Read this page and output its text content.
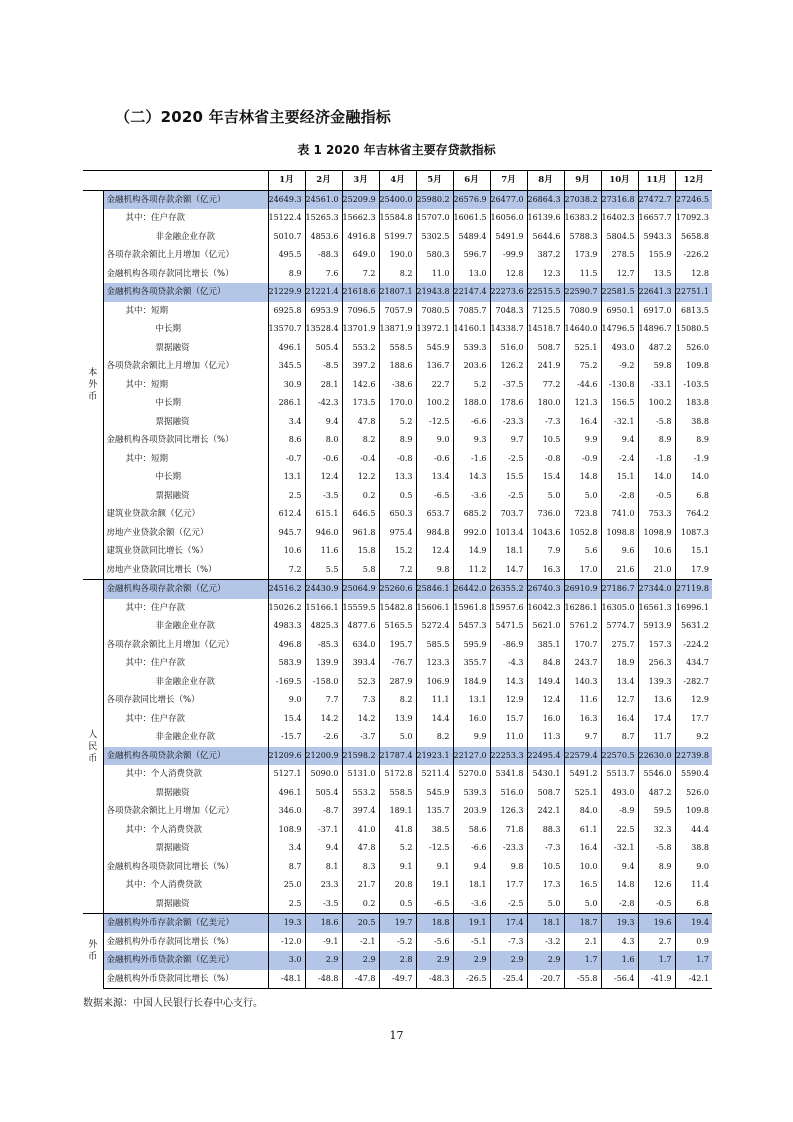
（二）2020 年吉林省主要经济金融指标
表 1 2020 年吉林省主要存贷款指标
		1月	2月	3月	4月	5月	6月	7月	8月	9月	10月	11月	12月
本外币	金融机构各项存款余额（亿元）	24649.3	24561.0	25209.9	25400.0	25980.2	26576.9	26477.0	26864.3	27038.2	27316.8	27472.7	27246.5
	其中：住户存款	15122.4	15265.3	15662.3	15584.8	15707.0	16061.5	16056.0	16139.6	16383.2	16402.3	16657.7	17092.3
	非金融企业存款	5010.7	4853.6	4916.8	5199.7	5302.5	5489.4	5491.9	5644.6	5788.3	5804.5	5943.3	5658.8
	各项存款余额比上月增加（亿元）	495.5	-88.3	649.0	190.0	580.3	596.7	-99.9	387.2	173.9	278.5	155.9	-226.2
	金融机构各项存款同比增长（%）	8.9	7.6	7.2	8.2	11.0	13.0	12.8	12.3	11.5	12.7	13.5	12.8
	金融机构各项贷款余额（亿元）	21229.9	21221.4	21618.6	21807.1	21943.8	22147.4	22273.6	22515.5	22590.7	22581.5	22641.3	22751.1
	其中：短期	6925.8	6953.9	7096.5	7057.9	7080.5	7085.7	7048.3	7125.5	7080.9	6950.1	6917.0	6813.5
	中长期	13570.7	13528.4	13701.9	13871.9	13972.1	14160.1	14338.7	14518.7	14640.0	14796.5	14896.7	15080.5
	票据融资	496.1	505.4	553.2	558.5	545.9	539.3	516.0	508.7	525.1	493.0	487.2	526.0
	各项贷款余额比上月增加（亿元）	345.5	-8.5	397.2	188.6	136.7	203.6	126.2	241.9	75.2	-9.2	59.8	109.8
	其中：短期	30.9	28.1	142.6	-38.6	22.7	5.2	-37.5	77.2	-44.6	-130.8	-33.1	-103.5
	中长期	286.1	-42.3	173.5	170.0	100.2	188.0	178.6	180.0	121.3	156.5	100.2	183.8
	票据融资	3.4	9.4	47.8	5.2	-12.5	-6.6	-23.3	-7.3	16.4	-32.1	-5.8	38.8
	金融机构各项贷款同比增长（%）	8.6	8.0	8.2	8.9	9.0	9.3	9.7	10.5	9.9	9.4	8.9	8.9
	其中：短期	-0.7	-0.6	-0.4	-0.8	-0.6	-1.6	-2.5	-0.8	-0.9	-2.4	-1.8	-1.9
	中长期	13.1	12.4	12.2	13.3	13.4	14.3	15.5	15.4	14.8	15.1	14.0	14.0
	票据融资	2.5	-3.5	0.2	0.5	-6.5	-3.6	-2.5	5.0	5.0	-2.8	-0.5	6.8
	建筑业贷款余额（亿元）	612.4	615.1	646.5	650.3	653.7	685.2	703.7	736.0	723.8	741.0	753.3	764.2
	房地产业贷款余额（亿元）	945.7	946.0	961.8	975.4	984.8	992.0	1013.4	1043.6	1052.8	1098.8	1098.9	1087.3
	建筑业贷款同比增长（%）	10.6	11.6	15.8	15.2	12.4	14.9	18.1	7.9	5.6	9.6	10.6	15.1
	房地产业贷款同比增长（%）	7.2	5.5	5.8	7.2	9.8	11.2	14.7	16.3	17.0	21.6	21.0	17.9
人民币	金融机构各项存款余额（亿元）	24516.2	24430.9	25064.9	25260.6	25846.1	26442.0	26355.2	26740.3	26910.9	27186.7	27344.0	27119.8
	其中：住户存款	15026.2	15166.1	15559.5	15482.8	15606.1	15961.8	15957.6	16042.3	16286.1	16305.0	16561.3	16996.1
	非金融企业存款	4983.3	4825.3	4877.6	5165.5	5272.4	5457.3	5471.5	5621.0	5761.2	5774.7	5913.9	5631.2
	各项存款余额比上月增加（亿元）	496.8	-85.3	634.0	195.7	585.5	595.9	-86.9	385.1	170.7	275.7	157.3	-224.2
	其中：住户存款	583.9	139.9	393.4	-76.7	123.3	355.7	-4.3	84.8	243.7	18.9	256.3	434.7
	非金融企业存款	-169.5	-158.0	52.3	287.9	106.9	184.9	14.3	149.4	140.3	13.4	139.3	-282.7
	各项存款同比增长（%）	9.0	7.7	7.3	8.2	11.1	13.1	12.9	12.4	11.6	12.7	13.6	12.9
	其中：住户存款	15.4	14.2	14.2	13.9	14.4	16.0	15.7	16.0	16.3	16.4	17.4	17.7
	非金融企业存款	-15.7	-2.6	-3.7	5.0	8.2	9.9	11.0	11.3	9.7	8.7	11.7	9.2
	金融机构各项贷款余额（亿元）	21209.6	21200.9	21598.2	21787.4	21923.1	22127.0	22253.3	22495.4	22579.4	22570.5	22630.0	22739.8
	其中：个人消费贷款	5127.1	5090.0	5131.0	5172.8	5211.4	5270.0	5341.8	5430.1	5491.2	5513.7	5546.0	5590.4
	票据融资	496.1	505.4	553.2	558.5	545.9	539.3	516.0	508.7	525.1	493.0	487.2	526.0
	各项贷款余额比上月增加（亿元）	346.0	-8.7	397.4	189.1	135.7	203.9	126.3	242.1	84.0	-8.9	59.5	109.8
	其中：个人消费贷款	108.9	-37.1	41.0	41.8	38.5	58.6	71.8	88.3	61.1	22.5	32.3	44.4
	票据融资	3.4	9.4	47.8	5.2	-12.5	-6.6	-23.3	-7.3	16.4	-32.1	-5.8	38.8
	金融机构各项贷款同比增长（%）	8.7	8.1	8.3	9.1	9.1	9.4	9.8	10.5	10.0	9.4	8.9	9.0
	其中：个人消费贷款	25.0	23.3	21.7	20.8	19.1	18.1	17.7	17.3	16.5	14.8	12.6	11.4
	票据融资	2.5	-3.5	0.2	0.5	-6.5	-3.6	-2.5	5.0	5.0	-2.8	-0.5	6.8
外币	金融机构外币存款余额（亿美元）	19.3	18.6	20.5	19.7	18.8	19.1	17.4	18.1	18.7	19.3	19.6	19.4
	金融机构外币存款同比增长（%）	-12.0	-9.1	-2.1	-5.2	-5.6	-5.1	-7.3	-3.2	2.1	4.3	2.7	0.9
	金融机构外币贷款余额（亿美元）	3.0	2.9	2.9	2.8	2.9	2.9	2.9	2.9	1.7	1.6	1.7	1.7
	金融机构外币贷款同比增长（%）	-48.1	-48.8	-47.8	-49.7	-48.3	-26.5	-25.4	-20.7	-55.8	-56.4	-41.9	-42.1
数据来源：中国人民银行长春中心支行。
17
